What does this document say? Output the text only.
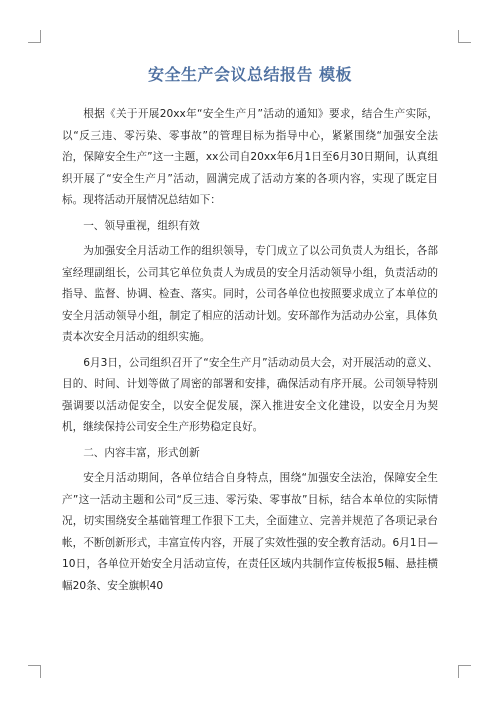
安全生产会议总结报告 模板

根据《关于开展20xx年“安全生产月”活动的通知》要求，结合生产实际，以“反三违、零污染、零事故”的管理目标为指导中心，紧紧围绕“加强安全法治，保障安全生产”这一主题，xx公司自20xx年6月1日至6月30日期间，认真组织开展了“安全生产月”活动，圆满完成了活动方案的各项内容，实现了既定目标。现将活动开展情况总结如下：

一、领导重视，组织有效

为加强安全月活动工作的组织领导，专门成立了以公司负责人为组长，各部室经理副组长，公司其它单位负责人为成员的安全月活动领导小组，负责活动的指导、监督、协调、检查、落实。同时，公司各单位也按照要求成立了本单位的安全月活动领导小组，制定了相应的活动计划。安环部作为活动办公室，具体负责本次安全月活动的组织实施。

6月3日，公司组织召开了“安全生产月”活动动员大会，对开展活动的意义、目的、时间、计划等做了周密的部署和安排，确保活动有序开展。公司领导特别强调要以活动促安全，以安全促发展，深入推进安全文化建设，以安全月为契机，继续保持公司安全生产形势稳定良好。

二、内容丰富，形式创新

安全月活动期间，各单位结合自身特点，围绕“加强安全法治，保障安全生产”这一活动主题和公司“反三违、零污染、零事故”目标，结合本单位的实际情况，切实围绕安全基础管理工作狠下工夫，全面建立、完善并规范了各项记录台帐，不断创新形式，丰富宣传内容，开展了实效性强的安全教育活动。6月1日—10日，各单位开始安全月活动宣传，在责任区域内共制作宣传板报5幅、悬挂横幅20条、安全旗帜40
